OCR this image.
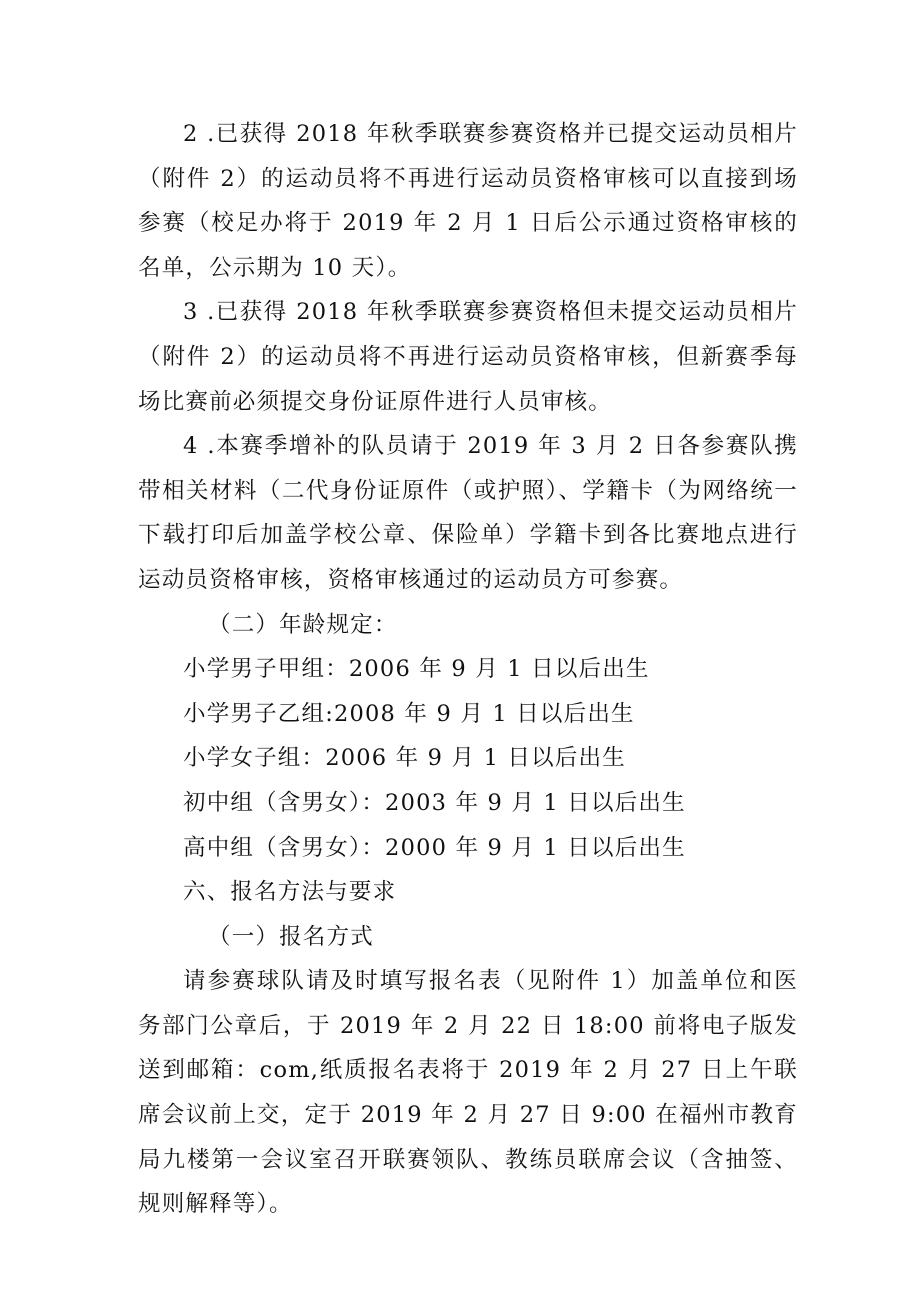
2 .已获得 2018 年秋季联赛参赛资格并已提交运动员相片（附件 2）的运动员将不再进行运动员资格审核可以直接到场参赛（校足办将于 2019 年 2 月 1 日后公示通过资格审核的名单，公示期为 10 天）。

3 .已获得 2018 年秋季联赛参赛资格但未提交运动员相片（附件 2）的运动员将不再进行运动员资格审核，但新赛季每场比赛前必须提交身份证原件进行人员审核。

4 .本赛季增补的队员请于 2019 年 3 月 2 日各参赛队携带相关材料（二代身份证原件（或护照）、学籍卡（为网络统一下载打印后加盖学校公章、保险单）学籍卡到各比赛地点进行运动员资格审核，资格审核通过的运动员方可参赛。

（二）年龄规定：

小学男子甲组：2006 年 9 月 1 日以后出生

小学男子乙组:2008 年 9 月 1 日以后出生

小学女子组：2006 年 9 月 1 日以后出生

初中组（含男女）：2003 年 9 月 1 日以后出生

高中组（含男女）：2000 年 9 月 1 日以后出生

六、报名方法与要求

（一）报名方式

请参赛球队请及时填写报名表（见附件 1）加盖单位和医务部门公章后，于 2019 年 2 月 22 日 18:00 前将电子版发送到邮箱：com,纸质报名表将于 2019 年 2 月 27 日上午联席会议前上交，定于 2019 年 2 月 27 日 9:00 在福州市教育局九楼第一会议室召开联赛领队、教练员联席会议（含抽签、规则解释等）。
